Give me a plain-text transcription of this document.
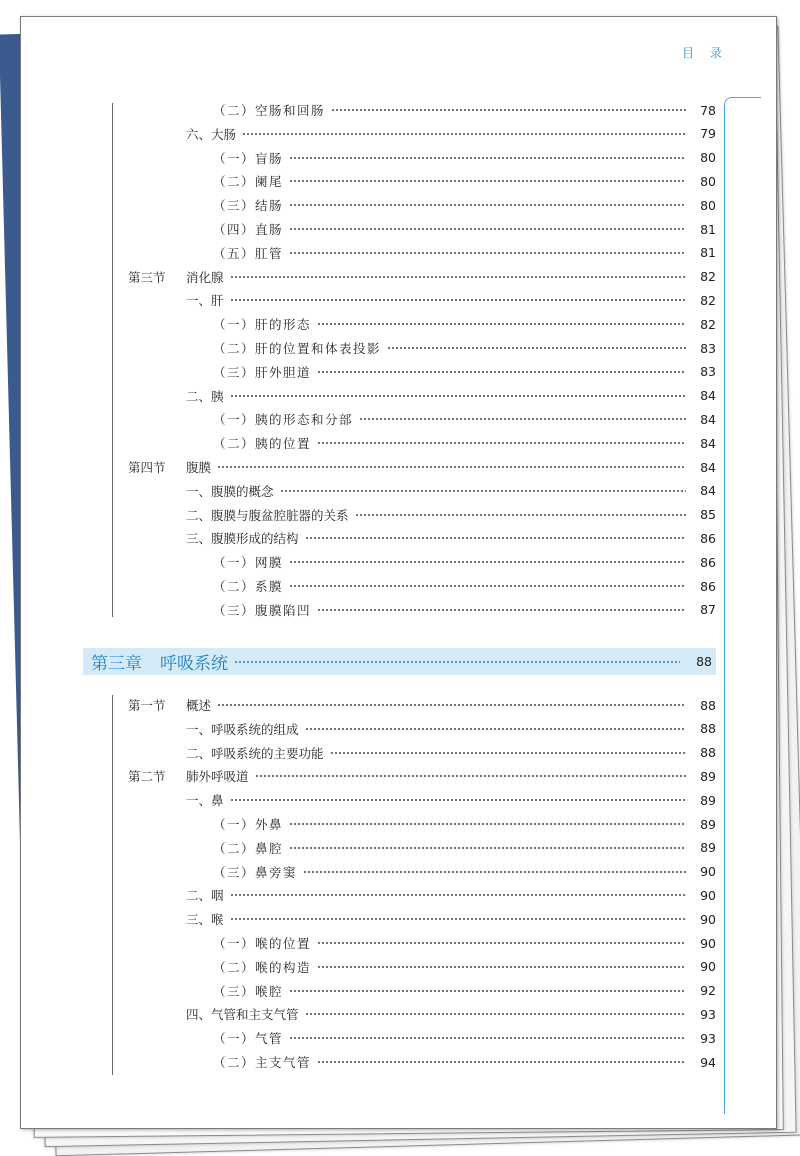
目 录
（二）空肠和回肠	78
六、大肠	79
（一）盲肠	80
（二）阑尾	80
（三）结肠	80
（四）直肠	81
（五）肛管	81
第三节 消化腺	82
一、肝	82
（一）肝的形态	82
（二）肝的位置和体表投影	83
（三）肝外胆道	83
二、胰	84
（一）胰的形态和分部	84
（二）胰的位置	84
第四节 腹膜	84
一、腹膜的概念	84
二、腹膜与腹盆腔脏器的关系	85
三、腹膜形成的结构	86
（一）网膜	86
（二）系膜	86
（三）腹膜陷凹	87
第三章 呼吸系统	88
第一节 概述	88
一、呼吸系统的组成	88
二、呼吸系统的主要功能	88
第二节 肺外呼吸道	89
一、鼻	89
（一）外鼻	89
（二）鼻腔	89
（三）鼻旁窦	90
二、咽	90
三、喉	90
（一）喉的位置	90
（二）喉的构造	90
（三）喉腔	92
四、气管和主支气管	93
（一）气管	93
（二）主支气管	94
